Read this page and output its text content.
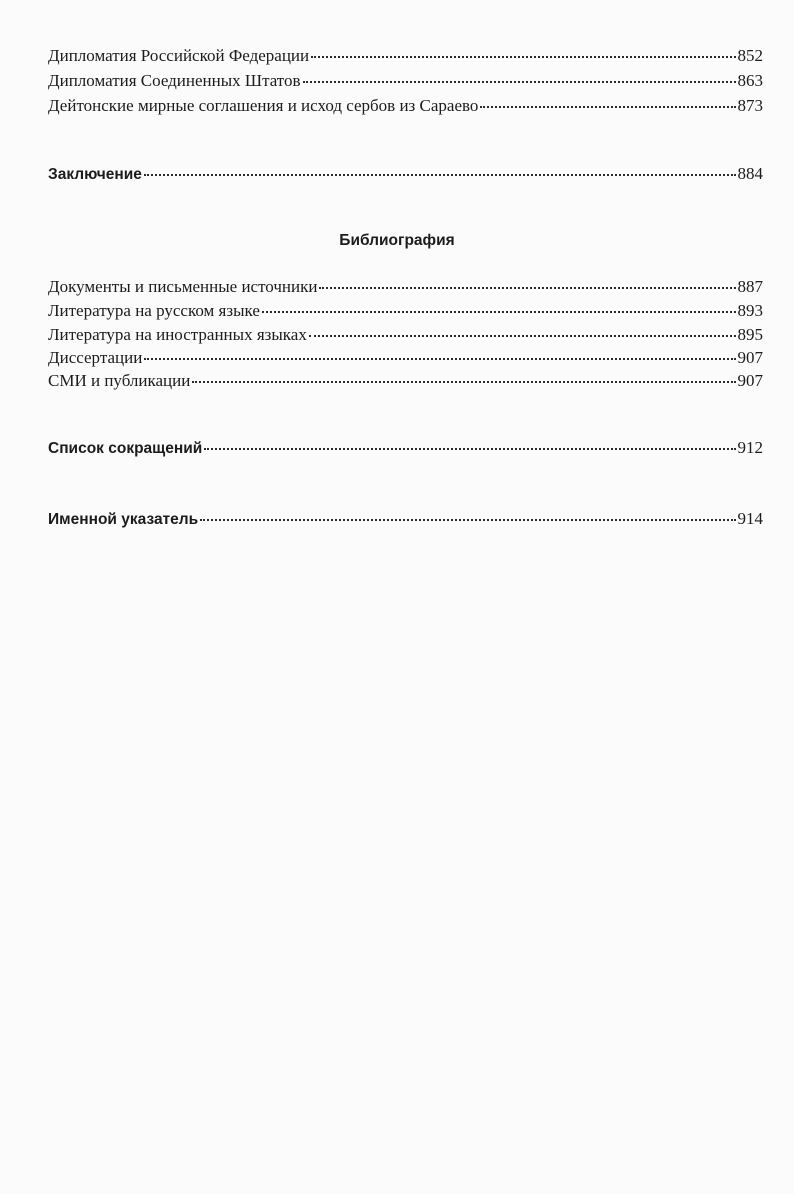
Дипломатия Российской Федерации	852
Дипломатия Соединенных Штатов	863
Дейтонские мирные соглашения и исход сербов из Сараево	873
Заключение	884
Библиография
Документы и письменные источники	887
Литература на русском языке	893
Литература на иностранных языках	895
Диссертации	907
СМИ и публикации	907
Список сокращений	912
Именной указатель	914
